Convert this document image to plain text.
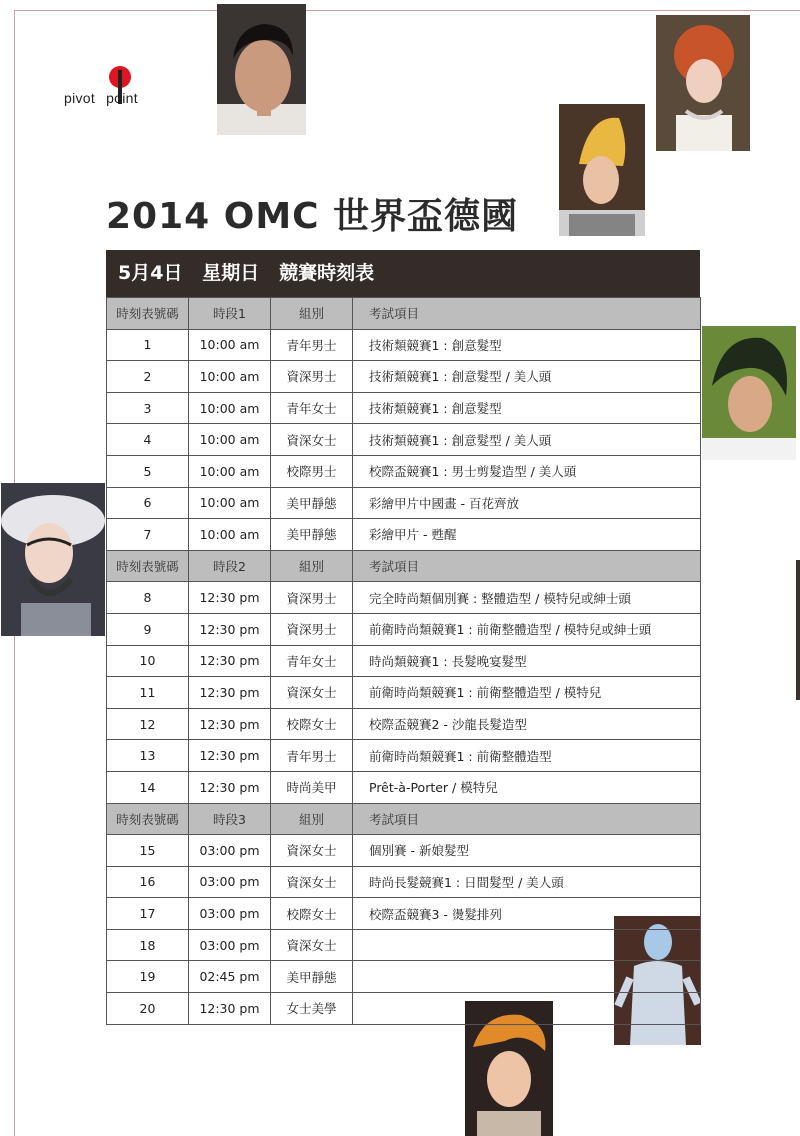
pivot point
2014 OMC 世界盃德國
5月4日   星期日   競賽時刻表
時刻表號碼	時段1	組別	考試項目
1	10:00 am	青年男士	技術類競賽1 : 創意髮型
2	10:00 am	資深男士	技術類競賽1 : 創意髮型 / 美人頭
3	10:00 am	青年女士	技術類競賽1 : 創意髮型
4	10:00 am	資深女士	技術類競賽1 : 創意髮型 / 美人頭
5	10:00 am	校際男士	校際盃競賽1 : 男士剪髮造型 / 美人頭
6	10:00 am	美甲靜態	彩繪甲片中國畫 - 百花齊放
7	10:00 am	美甲靜態	彩繪甲片 - 甦醒
時刻表號碼	時段2	組別	考試項目
8	12:30 pm	資深男士	完全時尚類個別賽 : 整體造型 / 模特兒或紳士頭
9	12:30 pm	資深男士	前衛時尚類競賽1 : 前衛整體造型 / 模特兒或紳士頭
10	12:30 pm	青年女士	時尚類競賽1 : 長髮晚宴髮型
11	12:30 pm	資深女士	前衛時尚類競賽1 : 前衛整體造型 / 模特兒
12	12:30 pm	校際女士	校際盃競賽2 - 沙龍長髮造型
13	12:30 pm	青年男士	前衛時尚類競賽1 : 前衛整體造型
14	12:30 pm	時尚美甲	Prêt-à-Porter / 模特兒
時刻表號碼	時段3	組別	考試項目
15	03:00 pm	資深女士	個別賽 - 新娘髮型
16	03:00 pm	資深女士	時尚長髮競賽1 : 日間髮型 / 美人頭
17	03:00 pm	校際女士	校際盃競賽3 - 燙髮排列
18	03:00 pm	資深女士	
19	02:45 pm	美甲靜態	
20	12:30 pm	女士美學	
